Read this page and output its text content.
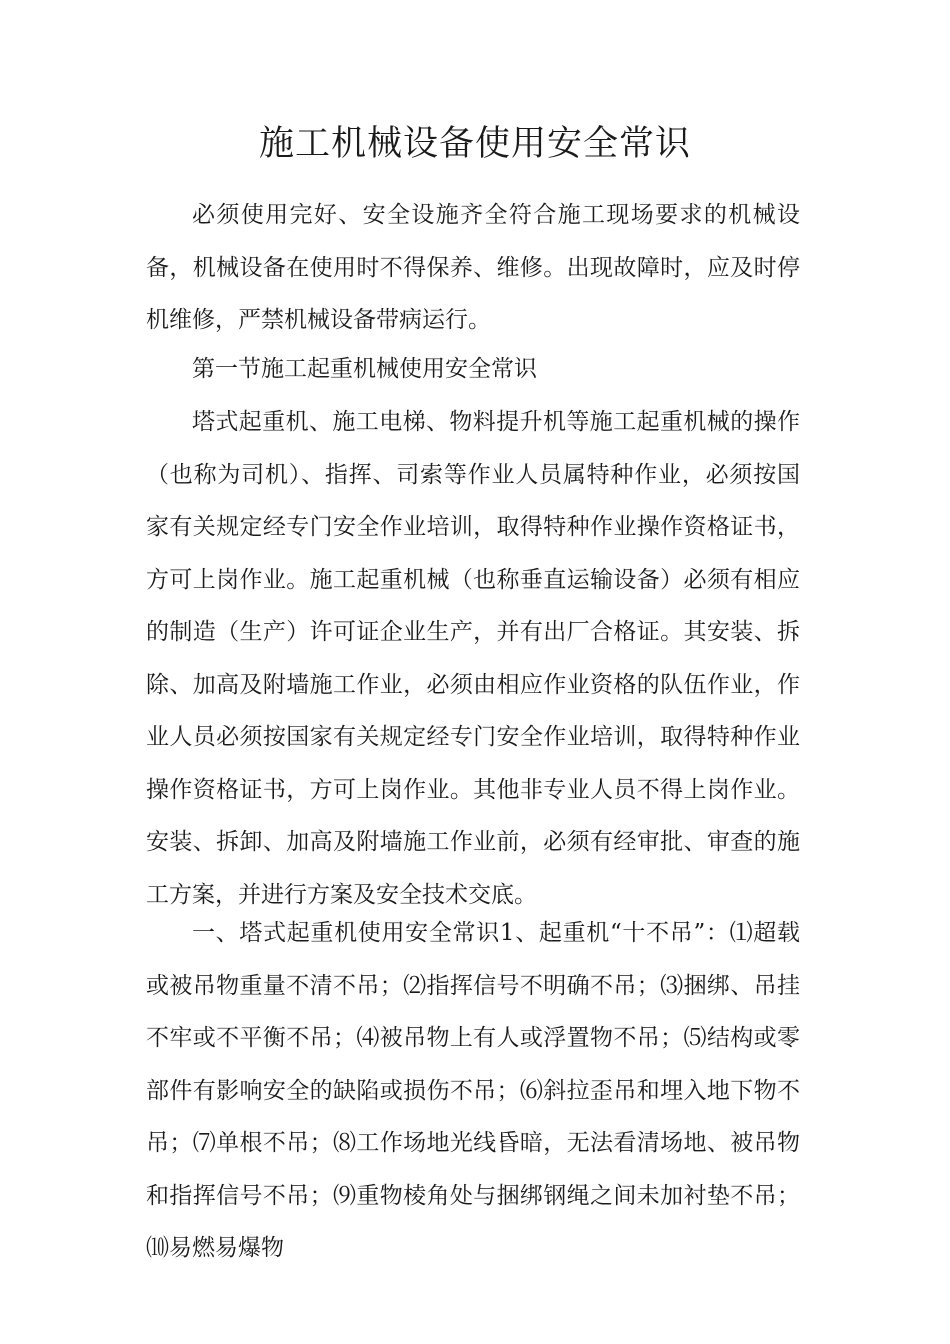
施工机械设备使用安全常识

必须使用完好、安全设施齐全符合施工现场要求的机械设备，机械设备在使用时不得保养、维修。出现故障时，应及时停机维修，严禁机械设备带病运行。

第一节施工起重机械使用安全常识

塔式起重机、施工电梯、物料提升机等施工起重机械的操作（也称为司机）、指挥、司索等作业人员属特种作业，必须按国家有关规定经专门安全作业培训，取得特种作业操作资格证书，方可上岗作业。施工起重机械（也称垂直运输设备）必须有相应的制造（生产）许可证企业生产，并有出厂合格证。其安装、拆除、加高及附墙施工作业，必须由相应作业资格的队伍作业，作业人员必须按国家有关规定经专门安全作业培训，取得特种作业操作资格证书，方可上岗作业。其他非专业人员不得上岗作业。安装、拆卸、加高及附墙施工作业前，必须有经审批、审查的施工方案，并进行方案及安全技术交底。

一、塔式起重机使用安全常识1、起重机“十不吊”：⑴超载或被吊物重量不清不吊；⑵指挥信号不明确不吊；⑶捆绑、吊挂不牢或不平衡不吊；⑷被吊物上有人或浮置物不吊；⑸结构或零部件有影响安全的缺陷或损伤不吊；⑹斜拉歪吊和埋入地下物不吊；⑺单根不吊；⑻工作场地光线昏暗，无法看清场地、被吊物和指挥信号不吊；⑼重物棱角处与捆绑钢绳之间未加衬垫不吊；⑽易燃易爆物
